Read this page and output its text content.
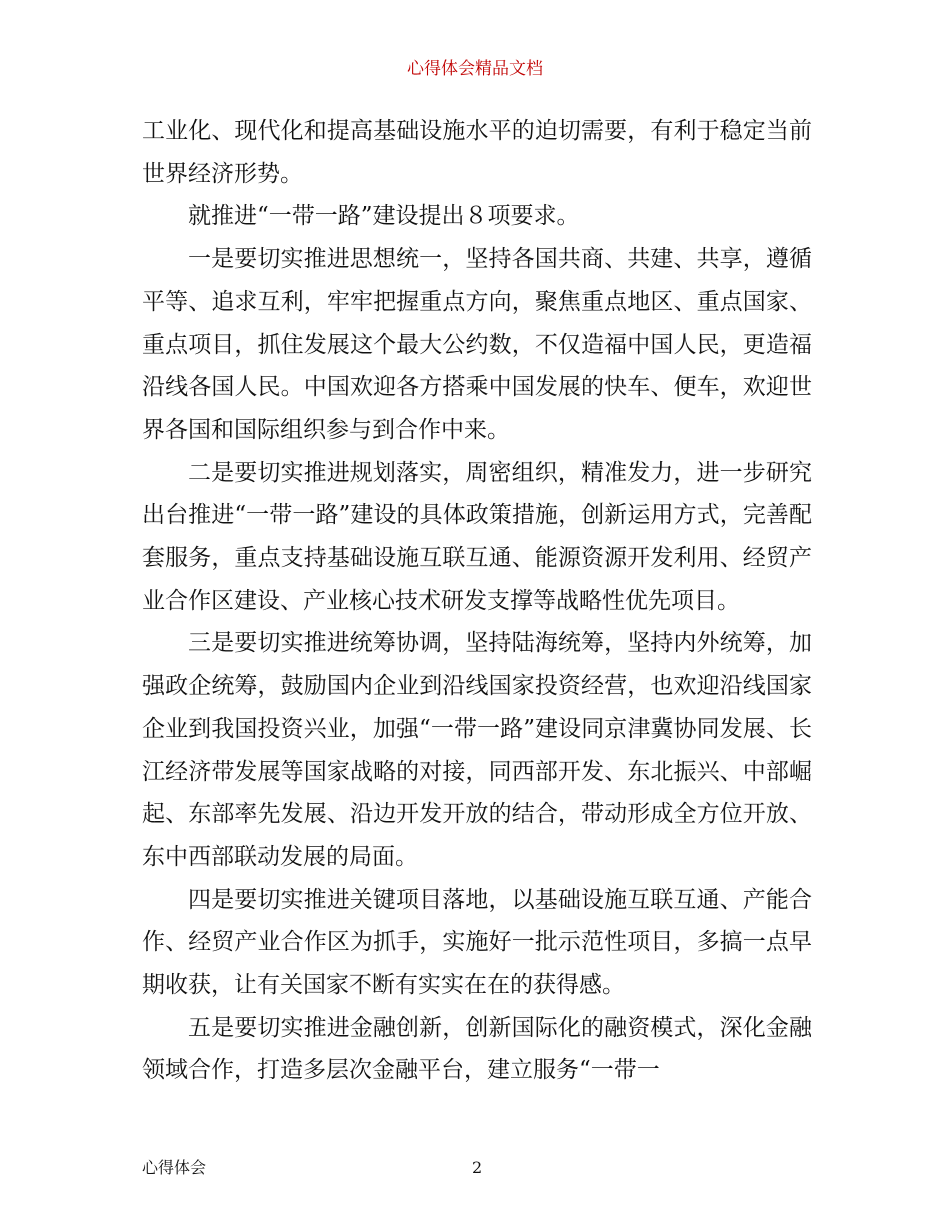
心得体会精品文档

工业化、现代化和提高基础设施水平的迫切需要，有利于稳定当前世界经济形势。

就推进“一带一路”建设提出８项要求。

一是要切实推进思想统一，坚持各国共商、共建、共享，遵循平等、追求互利，牢牢把握重点方向，聚焦重点地区、重点国家、重点项目，抓住发展这个最大公约数，不仅造福中国人民，更造福沿线各国人民。中国欢迎各方搭乘中国发展的快车、便车，欢迎世界各国和国际组织参与到合作中来。

二是要切实推进规划落实，周密组织，精准发力，进一步研究出台推进“一带一路”建设的具体政策措施，创新运用方式，完善配套服务，重点支持基础设施互联互通、能源资源开发利用、经贸产业合作区建设、产业核心技术研发支撑等战略性优先项目。

三是要切实推进统筹协调，坚持陆海统筹，坚持内外统筹，加强政企统筹，鼓励国内企业到沿线国家投资经营，也欢迎沿线国家企业到我国投资兴业，加强“一带一路”建设同京津冀协同发展、长江经济带发展等国家战略的对接，同西部开发、东北振兴、中部崛起、东部率先发展、沿边开发开放的结合，带动形成全方位开放、东中西部联动发展的局面。

四是要切实推进关键项目落地，以基础设施互联互通、产能合作、经贸产业合作区为抓手，实施好一批示范性项目，多搞一点早期收获，让有关国家不断有实实在在的获得感。

五是要切实推进金融创新，创新国际化的融资模式，深化金融领域合作，打造多层次金融平台，建立服务“一带一

心得体会	2
